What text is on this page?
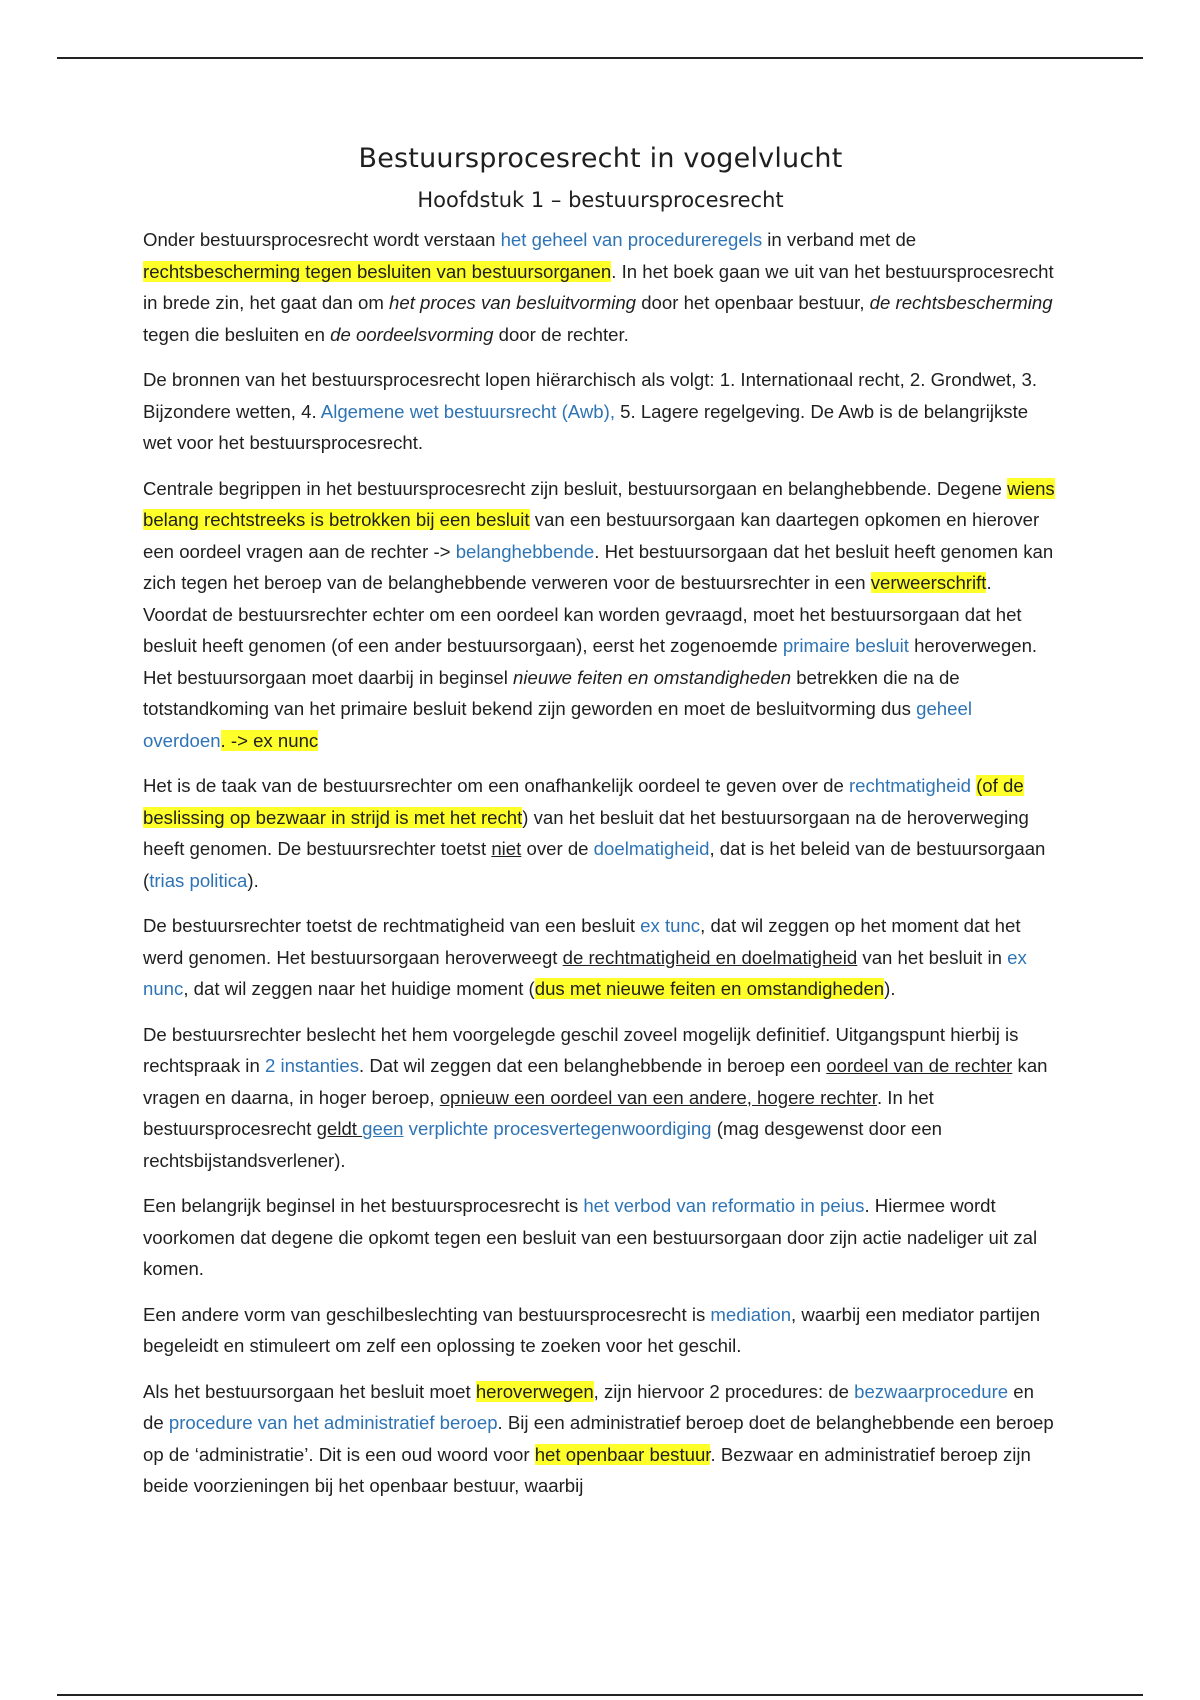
Bestuursprocesrecht in vogelvlucht
Hoofdstuk 1 – bestuursprocesrecht

Onder bestuursprocesrecht wordt verstaan het geheel van procedureregels in verband met de rechtsbescherming tegen besluiten van bestuursorganen. In het boek gaan we uit van het bestuursprocesrecht in brede zin, het gaat dan om het proces van besluitvorming door het openbaar bestuur, de rechtsbescherming tegen die besluiten en de oordeelsvorming door de rechter.

De bronnen van het bestuursprocesrecht lopen hiërarchisch als volgt: 1. Internationaal recht, 2. Grondwet, 3. Bijzondere wetten, 4. Algemene wet bestuursrecht (Awb), 5. Lagere regelgeving. De Awb is de belangrijkste wet voor het bestuursprocesrecht.

Centrale begrippen in het bestuursprocesrecht zijn besluit, bestuursorgaan en belanghebbende. Degene wiens belang rechtstreeks is betrokken bij een besluit van een bestuursorgaan kan daartegen opkomen en hierover een oordeel vragen aan de rechter -> belanghebbende. Het bestuursorgaan dat het besluit heeft genomen kan zich tegen het beroep van de belanghebbende verweren voor de bestuursrechter in een verweerschrift. Voordat de bestuursrechter echter om een oordeel kan worden gevraagd, moet het bestuursorgaan dat het besluit heeft genomen (of een ander bestuursorgaan), eerst het zogenoemde primaire besluit heroverwegen. Het bestuursorgaan moet daarbij in beginsel nieuwe feiten en omstandigheden betrekken die na de totstandkoming van het primaire besluit bekend zijn geworden en moet de besluitvorming dus geheel overdoen. -> ex nunc

Het is de taak van de bestuursrechter om een onafhankelijk oordeel te geven over de rechtmatigheid (of de beslissing op bezwaar in strijd is met het recht) van het besluit dat het bestuursorgaan na de heroverweging heeft genomen. De bestuursrechter toetst niet over de doelmatigheid, dat is het beleid van de bestuursorgaan (trias politica).

De bestuursrechter toetst de rechtmatigheid van een besluit ex tunc, dat wil zeggen op het moment dat het werd genomen. Het bestuursorgaan heroverweegt de rechtmatigheid en doelmatigheid van het besluit in ex nunc, dat wil zeggen naar het huidige moment (dus met nieuwe feiten en omstandigheden).

De bestuursrechter beslecht het hem voorgelegde geschil zoveel mogelijk definitief. Uitgangspunt hierbij is rechtspraak in 2 instanties. Dat wil zeggen dat een belanghebbende in beroep een oordeel van de rechter kan vragen en daarna, in hoger beroep, opnieuw een oordeel van een andere, hogere rechter. In het bestuursprocesrecht geldt geen verplichte procesvertegenwoordiging (mag desgewenst door een rechtsbijstandsverlener).

Een belangrijk beginsel in het bestuursprocesrecht is het verbod van reformatio in peius. Hiermee wordt voorkomen dat degene die opkomt tegen een besluit van een bestuursorgaan door zijn actie nadeliger uit zal komen.

Een andere vorm van geschilbeslechting van bestuursprocesrecht is mediation, waarbij een mediator partijen begeleidt en stimuleert om zelf een oplossing te zoeken voor het geschil.

Als het bestuursorgaan het besluit moet heroverwegen, zijn hiervoor 2 procedures: de bezwaarprocedure en de procedure van het administratief beroep. Bij een administratief beroep doet de belanghebbende een beroep op de ‘administratie’. Dit is een oud woord voor het openbaar bestuur. Bezwaar en administratief beroep zijn beide voorzieningen bij het openbaar bestuur, waarbij
